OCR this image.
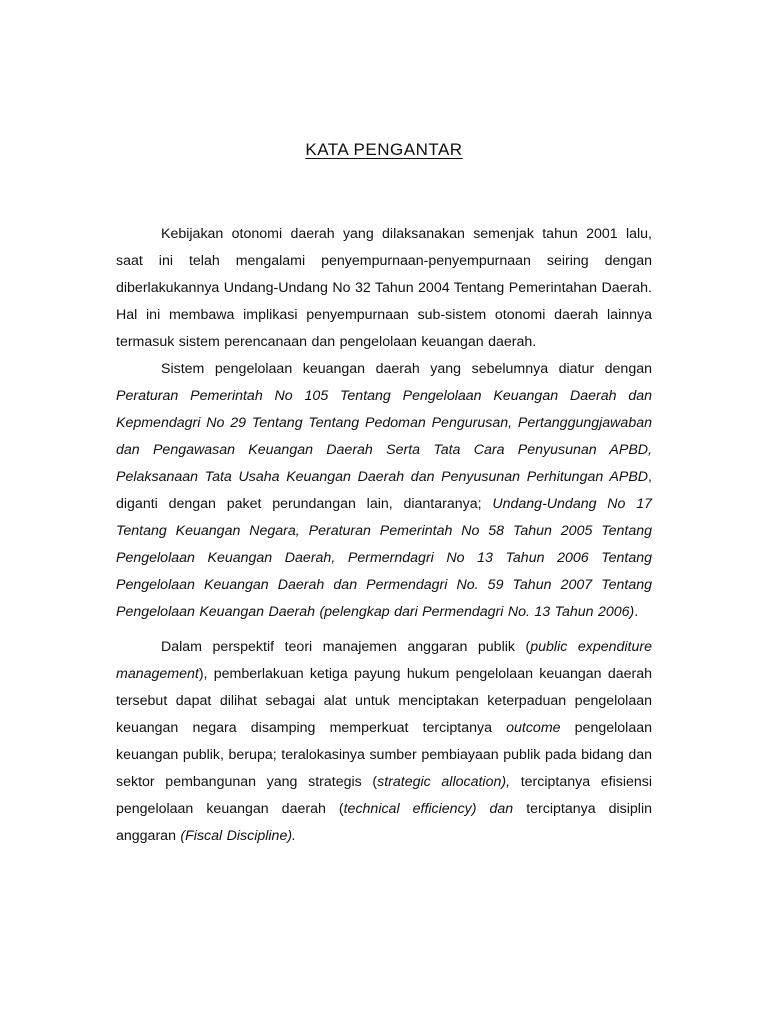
KATA PENGANTAR

Kebijakan otonomi daerah yang dilaksanakan semenjak tahun 2001 lalu, saat ini telah mengalami penyempurnaan-penyempurnaan seiring dengan diberlakukannya Undang-Undang No 32 Tahun 2004 Tentang Pemerintahan Daerah. Hal ini membawa implikasi penyempurnaan sub-sistem otonomi daerah lainnya termasuk sistem perencanaan dan pengelolaan keuangan daerah.

Sistem pengelolaan keuangan daerah yang sebelumnya diatur dengan Peraturan Pemerintah No 105 Tentang Pengelolaan Keuangan Daerah dan Kepmendagri No 29 Tentang Tentang Pedoman Pengurusan, Pertanggungjawaban dan Pengawasan Keuangan Daerah Serta Tata Cara Penyusunan APBD, Pelaksanaan Tata Usaha Keuangan Daerah dan Penyusunan Perhitungan APBD, diganti dengan paket perundangan lain, diantaranya; Undang-Undang No 17 Tentang Keuangan Negara, Peraturan Pemerintah No 58 Tahun 2005 Tentang Pengelolaan Keuangan Daerah, Permerndagri No 13 Tahun 2006 Tentang Pengelolaan Keuangan Daerah dan Permendagri No. 59 Tahun 2007 Tentang Pengelolaan Keuangan Daerah (pelengkap dari Permendagri No. 13 Tahun 2006).

Dalam perspektif teori manajemen anggaran publik (public expenditure management), pemberlakuan ketiga payung hukum pengelolaan keuangan daerah tersebut dapat dilihat sebagai alat untuk menciptakan keterpaduan pengelolaan keuangan negara disamping memperkuat terciptanya outcome pengelolaan keuangan publik, berupa; teralokasinya sumber pembiayaan publik pada bidang dan sektor pembangunan yang strategis (strategic allocation), terciptanya efisiensi pengelolaan keuangan daerah (technical efficiency) dan terciptanya disiplin anggaran (Fiscal Discipline).
